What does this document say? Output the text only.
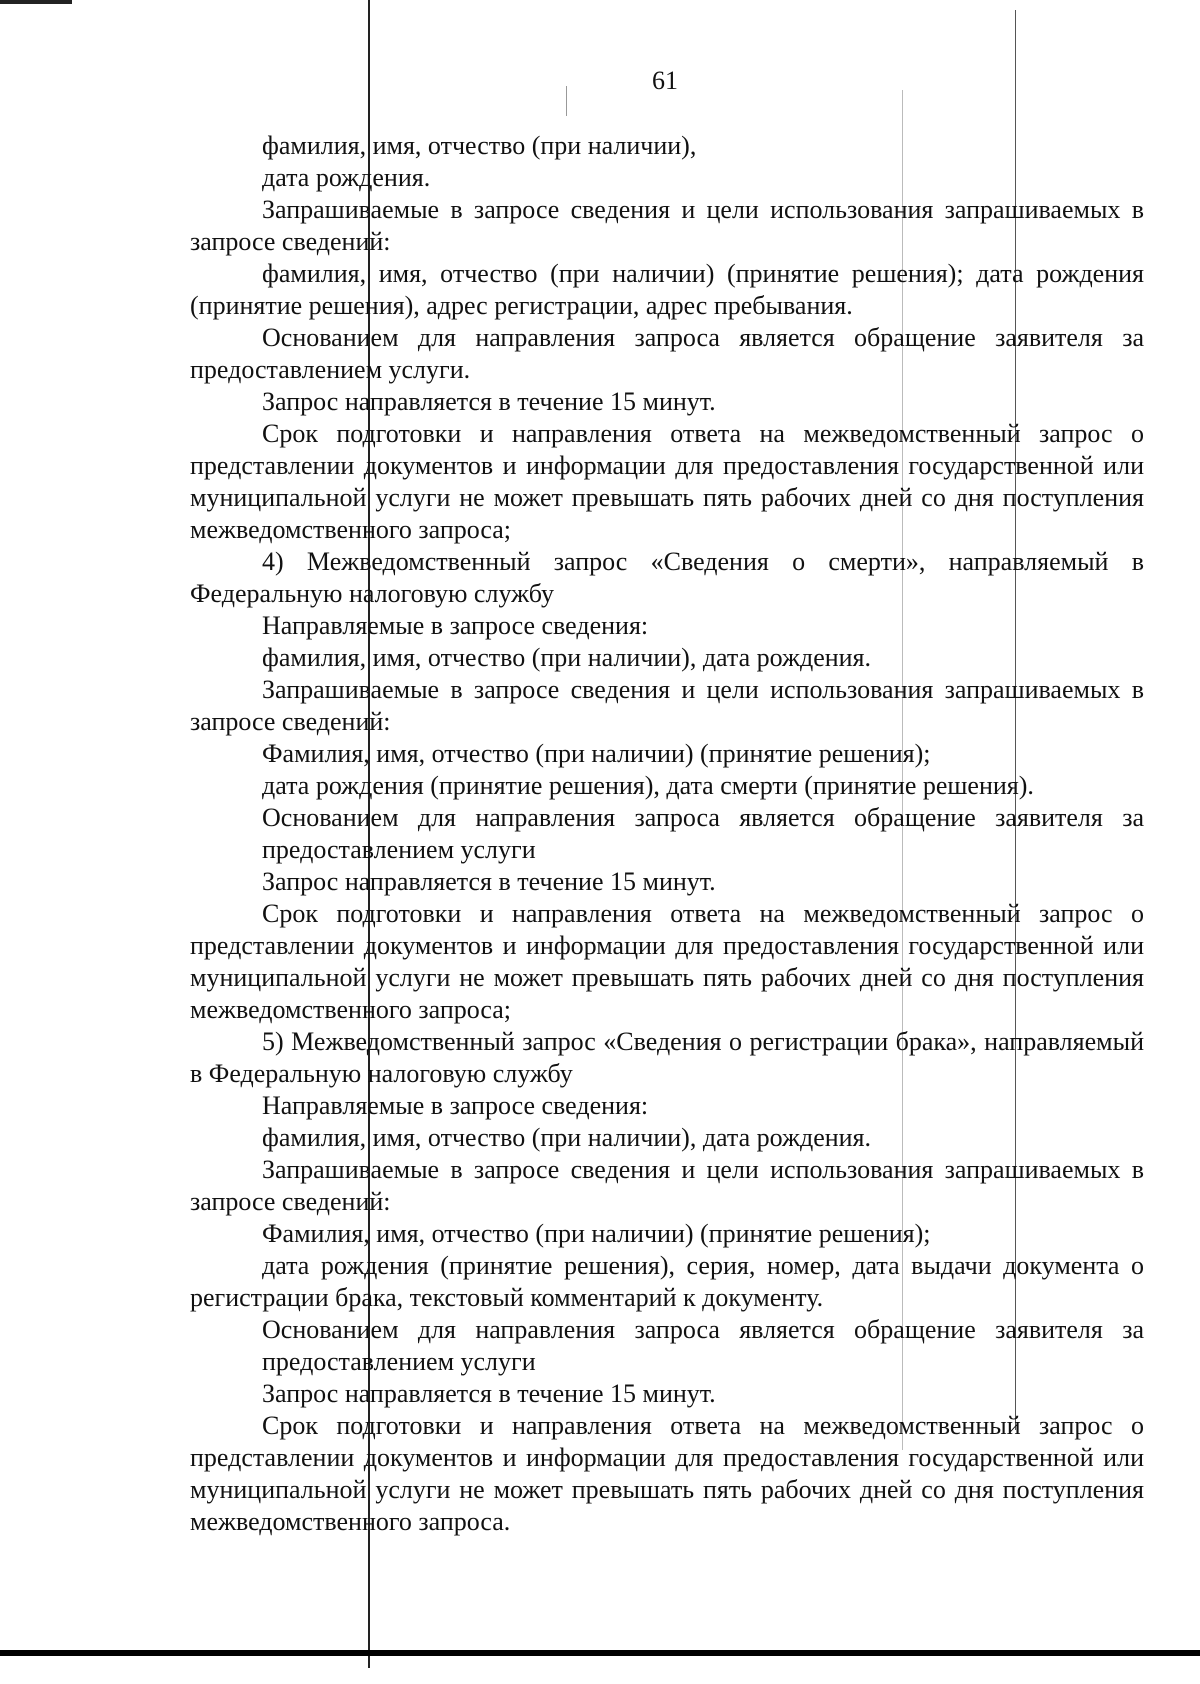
61

фамилия, имя, отчество (при наличии),

дата рождения.

Запрашиваемые в запросе сведения и цели использования запрашиваемых в запросе сведений:

фамилия, имя, отчество (при наличии) (принятие решения); дата рождения (принятие решения), адрес регистрации, адрес пребывания.

Основанием для направления запроса является обращение заявителя за предоставлением услуги.

Запрос направляется в течение 15 минут.

Срок подготовки и направления ответа на межведомственный запрос о представлении документов и информации для предоставления государственной или муниципальной услуги не может превышать пять рабочих дней со дня поступления межведомственного запроса;

4) Межведомственный запрос «Сведения о смерти», направляемый в Федеральную налоговую службу

Направляемые в запросе сведения:

фамилия, имя, отчество (при наличии), дата рождения.

Запрашиваемые в запросе сведения и цели использования запрашиваемых в запросе сведений:

Фамилия, имя, отчество (при наличии) (принятие решения);

дата рождения (принятие решения), дата смерти (принятие решения).

Основанием для направления запроса является обращение заявителя за предоставлением услуги

Запрос направляется в течение 15 минут.

Срок подготовки и направления ответа на межведомственный запрос о представлении документов и информации для предоставления государственной или муниципальной услуги не может превышать пять рабочих дней со дня поступления межведомственного запроса;

5) Межведомственный запрос «Сведения о регистрации брака», направляемый в Федеральную налоговую службу

Направляемые в запросе сведения:

фамилия, имя, отчество (при наличии), дата рождения.

Запрашиваемые в запросе сведения и цели использования запрашиваемых в запросе сведений:

Фамилия, имя, отчество (при наличии) (принятие решения);

дата рождения (принятие решения), серия, номер, дата выдачи документа о регистрации брака, текстовый комментарий к документу.

Основанием для направления запроса является обращение заявителя за предоставлением услуги

Запрос направляется в течение 15 минут.

Срок подготовки и направления ответа на межведомственный запрос о представлении документов и информации для предоставления государственной или муниципальной услуги не может превышать пять рабочих дней со дня поступления межведомственного запроса.
